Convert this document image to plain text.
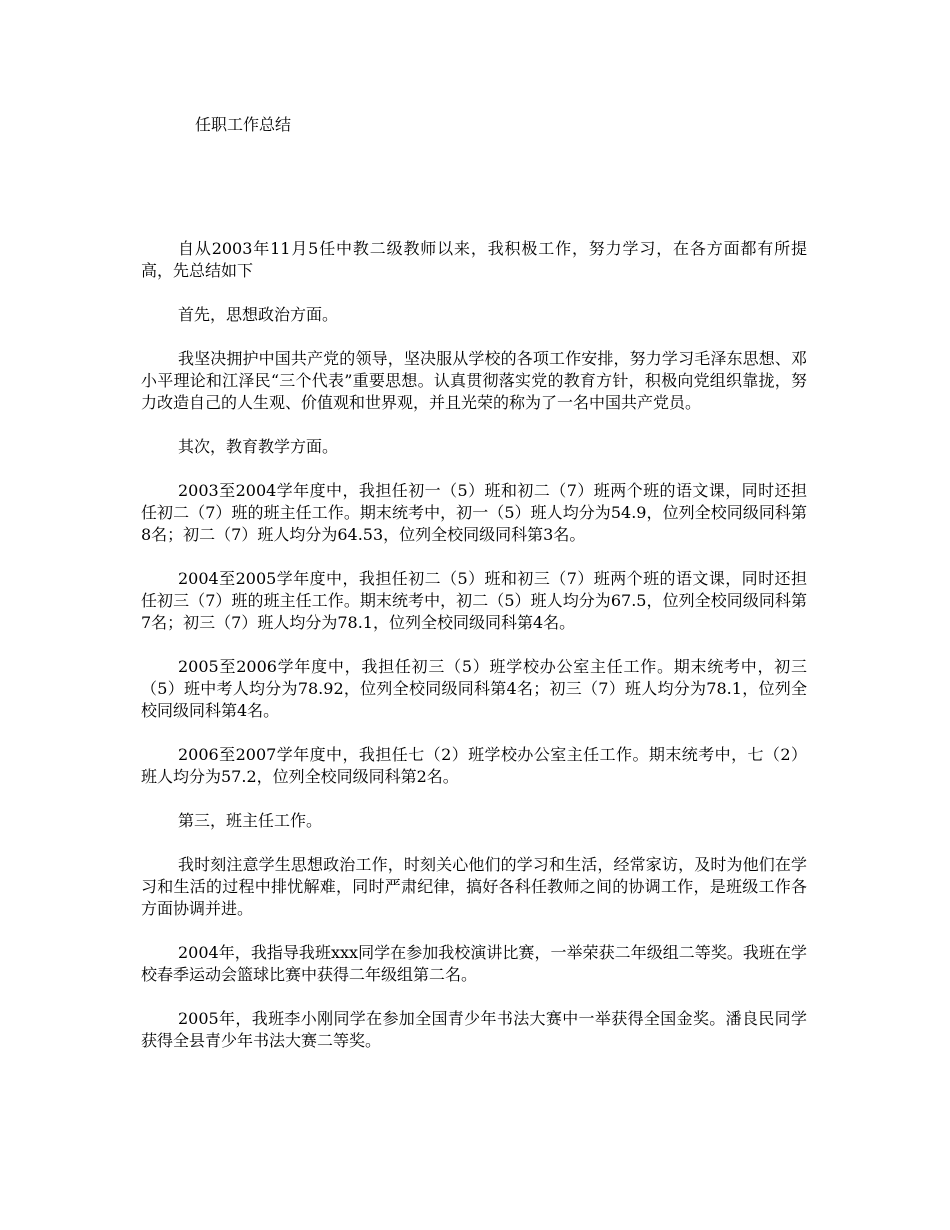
任职工作总结

自从2003年11月5任中教二级教师以来，我积极工作，努力学习，在各方面都有所提高，先总结如下

首先，思想政治方面。

我坚决拥护中国共产党的领导，坚决服从学校的各项工作安排，努力学习毛泽东思想、邓小平理论和江泽民“三个代表”重要思想。认真贯彻落实党的教育方针，积极向党组织靠拢，努力改造自己的人生观、价值观和世界观，并且光荣的称为了一名中国共产党员。

其次，教育教学方面。

2003至2004学年度中，我担任初一（5）班和初二（7）班两个班的语文课，同时还担任初二（7）班的班主任工作。期末统考中，初一（5）班人均分为54.9，位列全校同级同科第8名；初二（7）班人均分为64.53，位列全校同级同科第3名。

2004至2005学年度中，我担任初二（5）班和初三（7）班两个班的语文课，同时还担任初三（7）班的班主任工作。期末统考中，初二（5）班人均分为67.5，位列全校同级同科第7名；初三（7）班人均分为78.1，位列全校同级同科第4名。

2005至2006学年度中，我担任初三（5）班学校办公室主任工作。期末统考中，初三（5）班中考人均分为78.92，位列全校同级同科第4名；初三（7）班人均分为78.1，位列全校同级同科第4名。

2006至2007学年度中，我担任七（2）班学校办公室主任工作。期末统考中，七（2）班人均分为57.2，位列全校同级同科第2名。

第三，班主任工作。

我时刻注意学生思想政治工作，时刻关心他们的学习和生活，经常家访，及时为他们在学习和生活的过程中排忧解难，同时严肃纪律，搞好各科任教师之间的协调工作，是班级工作各方面协调并进。

2004年，我指导我班xxx同学在参加我校演讲比赛，一举荣获二年级组二等奖。我班在学校春季运动会篮球比赛中获得二年级组第二名。

2005年，我班李小刚同学在参加全国青少年书法大赛中一举获得全国金奖。潘良民同学获得全县青少年书法大赛二等奖。
